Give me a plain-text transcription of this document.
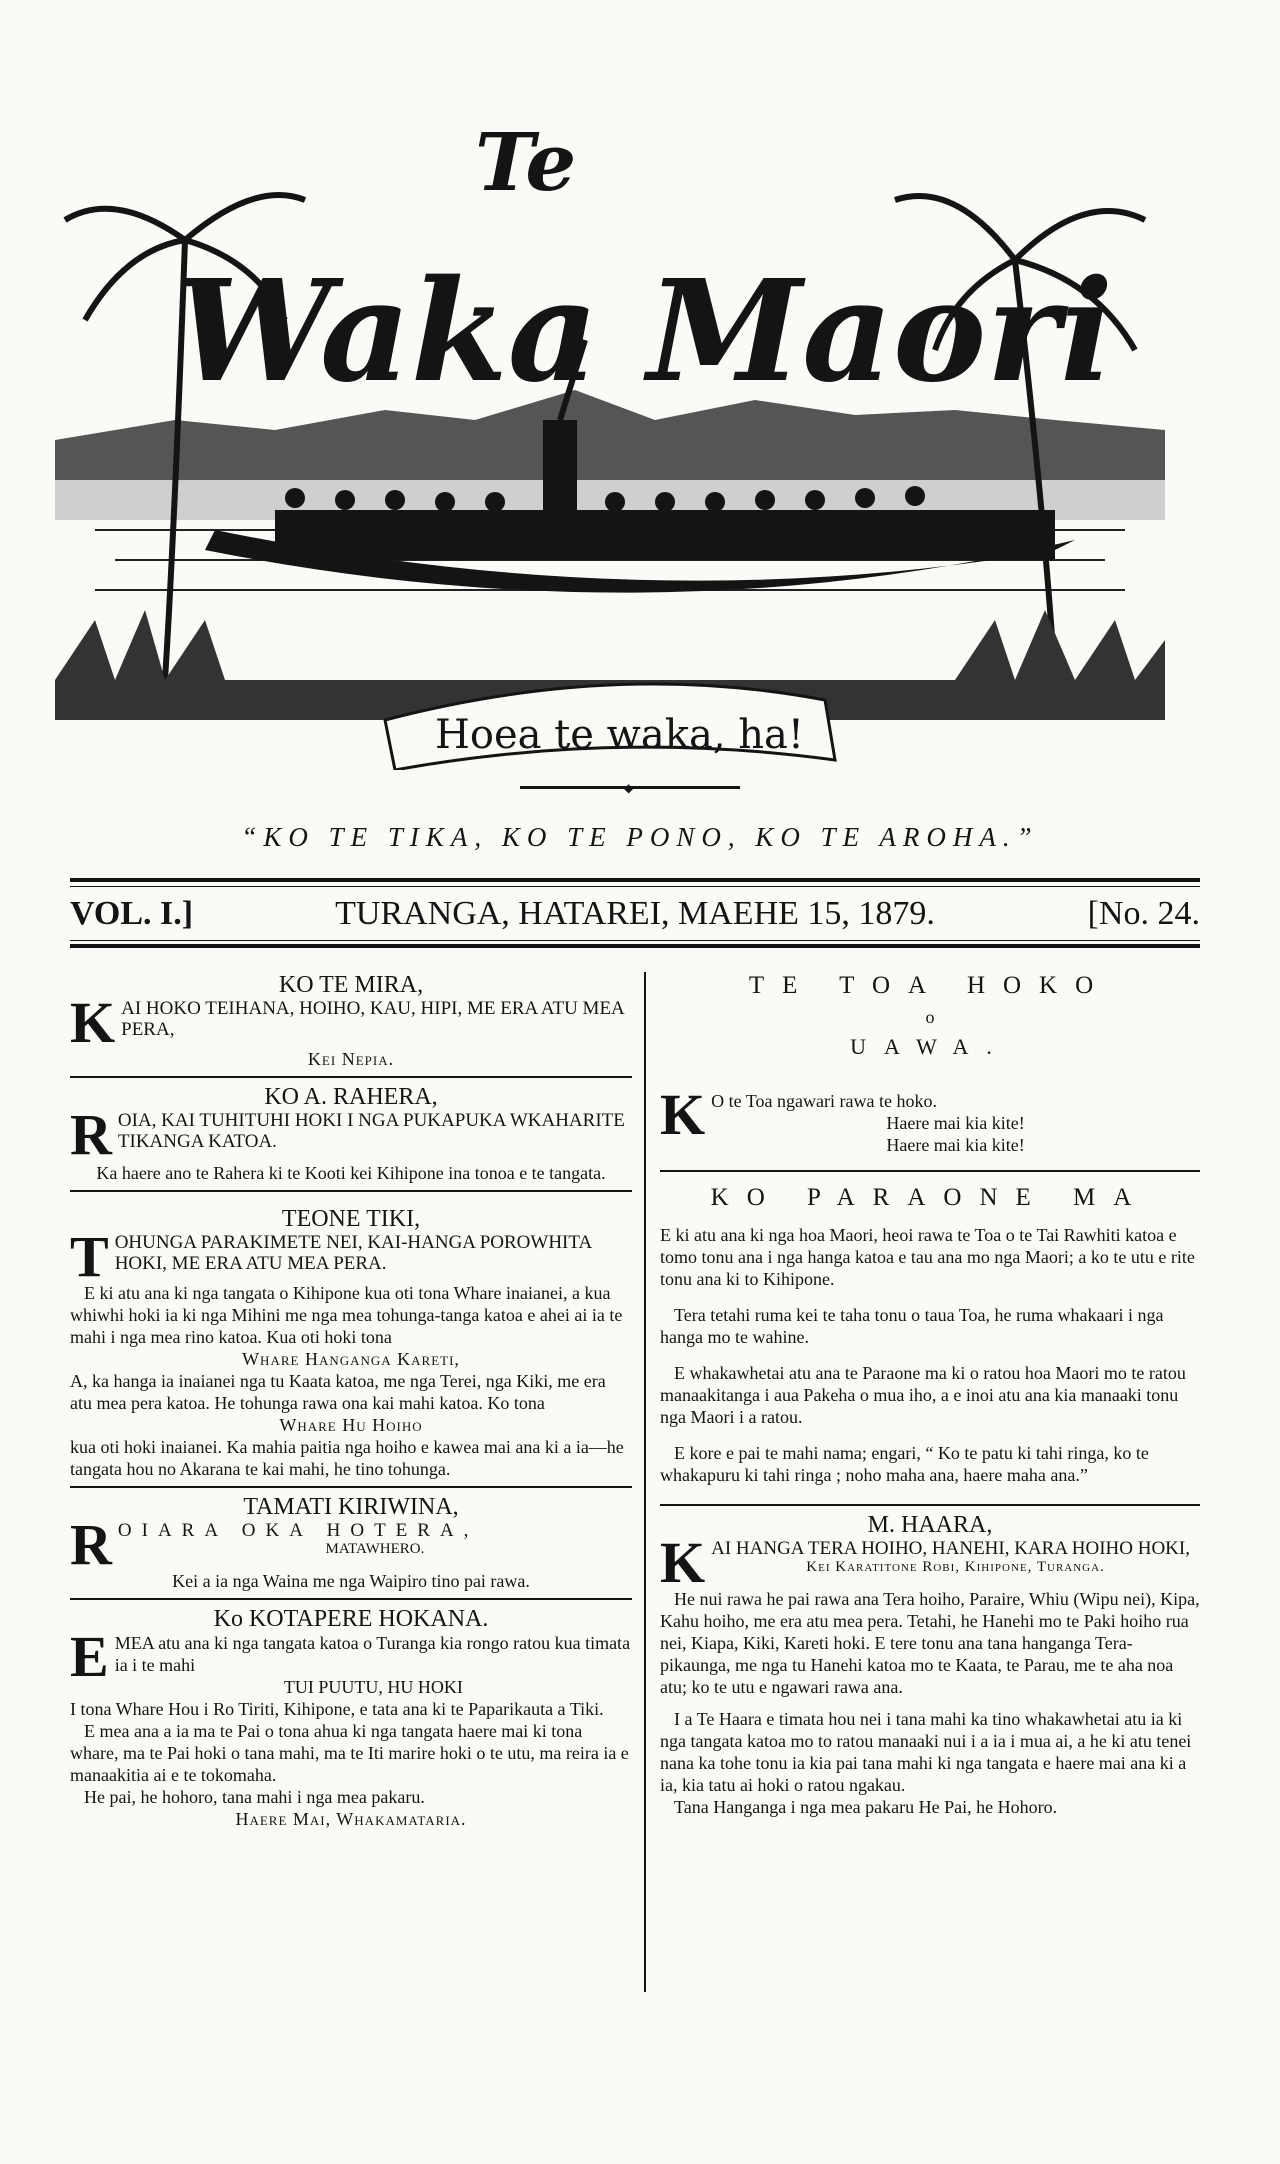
Te
Waka Maori
Hoea te waka, ha!
◆
“KO TE TIKA, KO TE PONO, KO TE AROHA.”
TURANGA, HATAREI, MAEHE 15, 1879.
VOL. I.]	[No. 24.
KO TE MIRA,
KAI HOKO TEIHANA, HOIHO, KAU, HIPI, ME ERA ATU MEA PERA,
Kei Nepia.
KO A. RAHERA,
ROIA, KAI TUHITUHI HOKI I NGA PUKAPUKA WKAHARITE TIKANGA KATOA.
Ka haere ano te Rahera ki te Kooti kei Kihipone ina tonoa e te tangata.
TEONE TIKI,
TOHUNGA PARAKIMETE NEI, KAI-HANGA POROWHITA HOKI, ME ERA ATU MEA PERA.
E ki atu ana ki nga tangata o Kihipone kua oti tona Whare inaianei, a kua whiwhi hoki ia ki nga Mihini me nga mea tohunga-tanga katoa e ahei ai ia te mahi i nga mea rino katoa. Kua oti hoki tona
Whare Hanganga Kareti,
A, ka hanga ia inaianei nga tu Kaata katoa, me nga Terei, nga Kiki, me era atu mea pera katoa. He tohunga rawa ona kai mahi katoa. Ko tona
Whare Hu Hoiho
kua oti hoki inaianei. Ka mahia paitia nga hoiho e kawea mai ana ki a ia—he tangata hou no Akarana te kai mahi, he tino tohunga.
TAMATI KIRIWINA,
ROIARA OKA HOTERA,
MATAWHERO.
Kei a ia nga Waina me nga Waipiro tino pai rawa.
Ko KOTAPERE HOKANA.
EMEA atu ana ki nga tangata katoa o Turanga kia rongo ratou kua timata ia i te mahi
TUI PUUTU, HU HOKI
I tona Whare Hou i Ro Tiriti, Kihipone, e tata ana ki te Paparikauta a Tiki.
E mea ana a ia ma te Pai o tona ahua ki nga tangata haere mai ki tona whare, ma te Pai hoki o tana mahi, ma te Iti marire hoki o te utu, ma reira ia e manaakitia ai e te tokomaha.
He pai, he hohoro, tana mahi i nga mea pakaru.
Haere Mai, Whakamataria.
TE TOA HOKO
o
UAWA.
K O te Toa ngawari rawa te hoko.
Haere mai kia kite!
Haere mai kia kite!
KO PARAONE MA
E ki atu ana ki nga hoa Maori, heoi rawa te Toa o te Tai Rawhiti katoa e tomo tonu ana i nga hanga katoa e tau ana mo nga Maori; a ko te utu e rite tonu ana ki to Kihipone.
Tera tetahi ruma kei te taha tonu o taua Toa, he ruma whakaari i nga hanga mo te wahine.
E whakawhetai atu ana te Paraone ma ki o ratou hoa Maori mo te ratou manaakitanga i aua Pakeha o mua iho, a e inoi atu ana kia manaaki tonu nga Maori i a ratou.
E kore e pai te mahi nama; engari, “ Ko te patu ki tahi ringa, ko te whakapuru ki tahi ringa ; noho maha ana, haere maha ana.”
M. HAARA,
KAI HANGA TERA HOIHO, HANEHI, KARA HOIHO HOKI,
Kei Karatitone Robi, Kihipone, Turanga.
He nui rawa he pai rawa ana Tera hoiho, Paraire, Whiu (Wipu nei), Kipa, Kahu hoiho, me era atu mea pera. Tetahi, he Hanehi mo te Paki hoiho rua nei, Kiapa, Kiki, Kareti hoki. E tere tonu ana tana hanganga Tera-pikaunga, me nga tu Hanehi katoa mo te Kaata, te Parau, me te aha noa atu; ko te utu e ngawari rawa ana.
I a Te Haara e timata hou nei i tana mahi ka tino whakawhetai atu ia ki nga tangata katoa mo to ratou manaaki nui i a ia i mua ai, a he ki atu tenei nana ka tohe tonu ia kia pai tana mahi ki nga tangata e haere mai ana ki a ia, kia tatu ai hoki o ratou ngakau.
Tana Hanganga i nga mea pakaru He Pai, he Hohoro.
